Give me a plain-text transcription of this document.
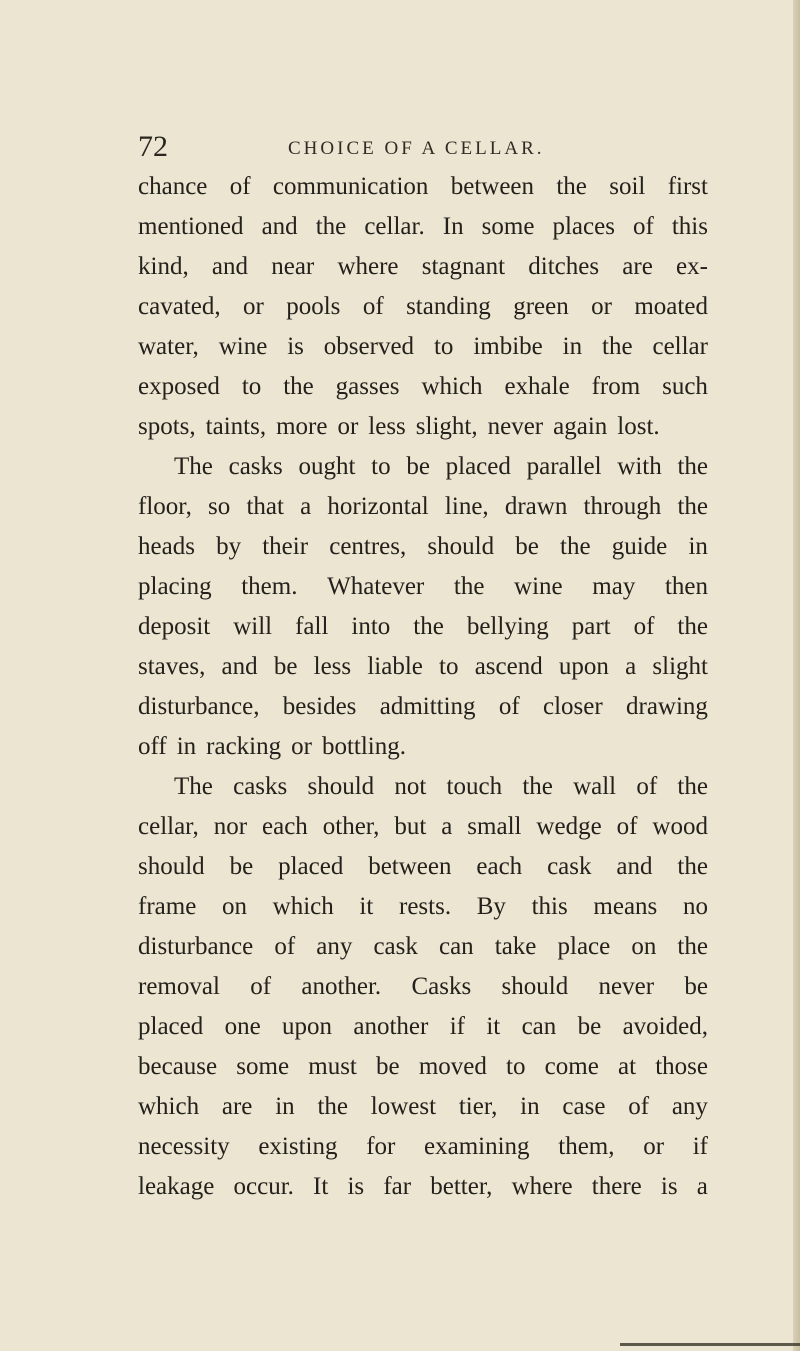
72	CHOICE OF A CELLAR.
chance of communication between the soil first
mentioned and the cellar. In some places of this
kind, and near where stagnant ditches are ex-
cavated, or pools of standing green or moated
water, wine is observed to imbibe in the cellar
exposed to the gasses which exhale from such
spots, taints, more or less slight, never again lost.
The casks ought to be placed parallel with the
floor, so that a horizontal line, drawn through the
heads by their centres, should be the guide in
placing them. Whatever the wine may then
deposit will fall into the bellying part of the
staves, and be less liable to ascend upon a slight
disturbance, besides admitting of closer drawing
off in racking or bottling.
The casks should not touch the wall of the
cellar, nor each other, but a small wedge of wood
should be placed between each cask and the
frame on which it rests. By this means no
disturbance of any cask can take place on the
removal of another. Casks should never be
placed one upon another if it can be avoided,
because some must be moved to come at those
which are in the lowest tier, in case of any
necessity existing for examining them, or if
leakage occur. It is far better, where there is a
